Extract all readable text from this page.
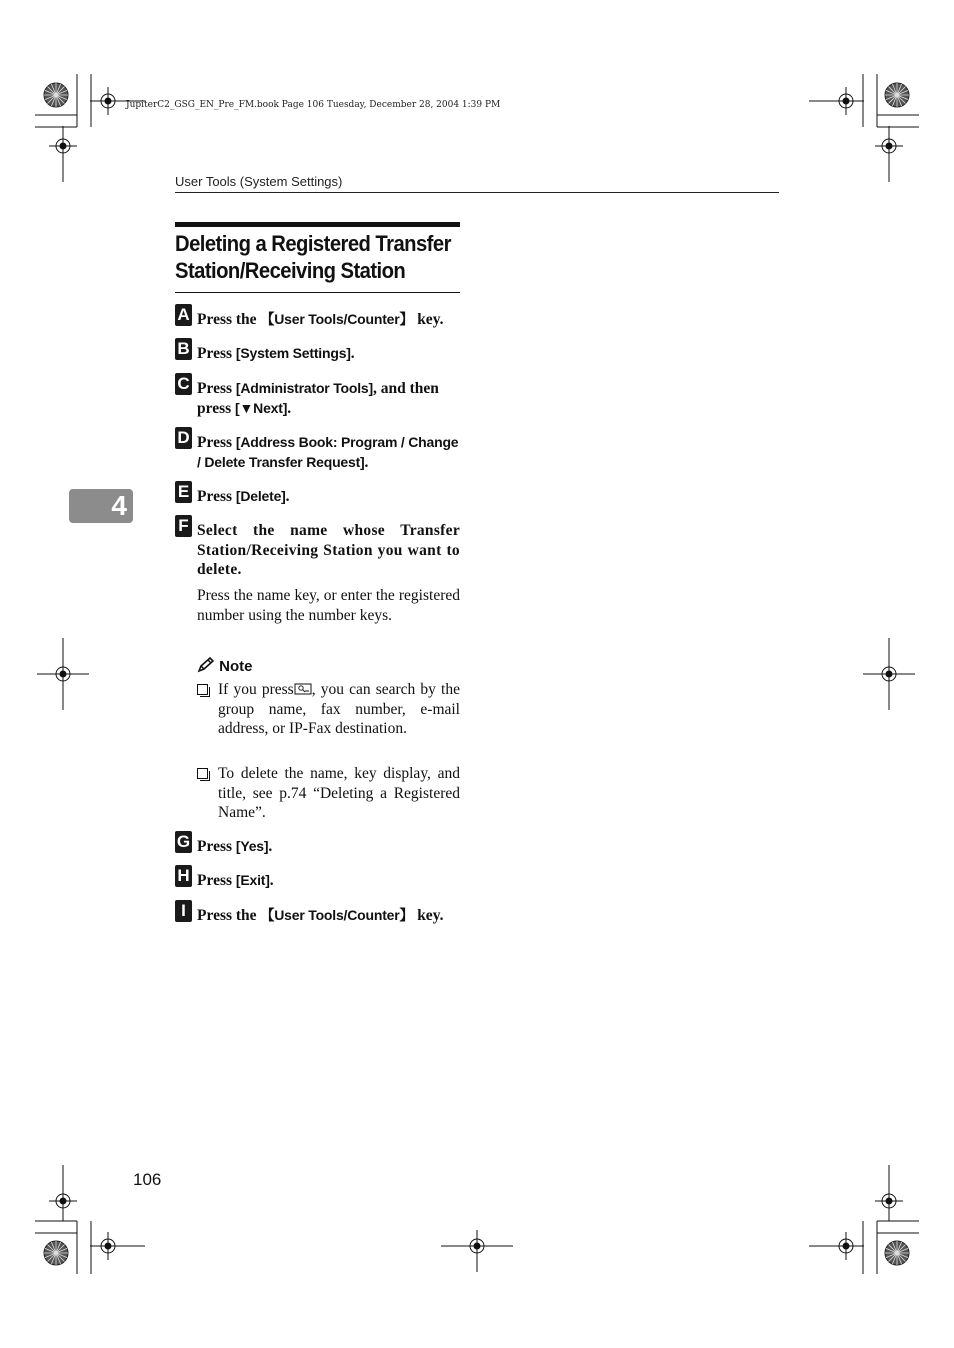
JupiterC2_GSG_EN_Pre_FM.book Page 106 Tuesday, December 28, 2004 1:39 PM
User Tools (System Settings)
Deleting a Registered Transfer
Station/Receiving Station
A Press the 【User Tools/Counter】 key.
B Press [System Settings].
C Press [Administrator Tools], and then press [▼Next].
D Press [Address Book: Program / Change / Delete Transfer Request].
E Press [Delete].
F Select the name whose Transfer Station/Receiving Station you want to delete.
Press the name key, or enter the registered number using the number keys.
Note
If you press , you can search by the group name, fax number, e-mail address, or IP-Fax destination.
To delete the name, key display, and title, see p.74 “Deleting a Registered Name”.
G Press [Yes].
H Press [Exit].
I Press the 【User Tools/Counter】 key.
4
106
